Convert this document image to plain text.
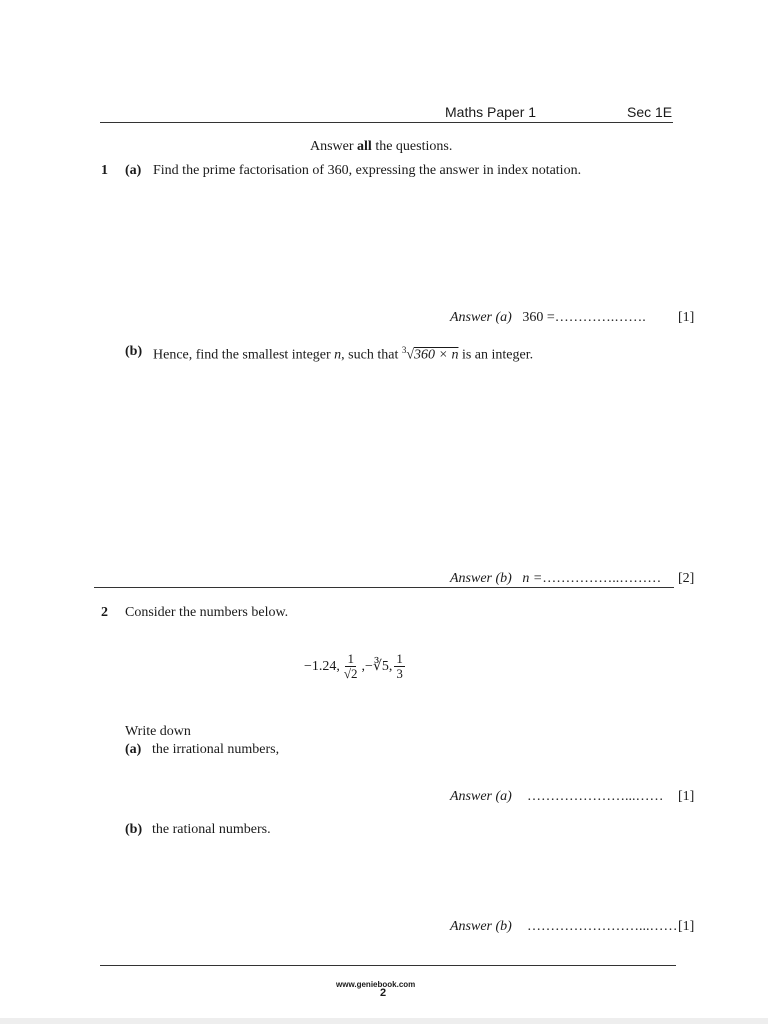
Maths Paper 1	Sec 1E
Answer all the questions.
1 (a) Find the prime factorisation of 360, expressing the answer in index notation.
Answer (a) 360 =………….……. [1]
(b) Hence, find the smallest integer n, such that $^3$√360 × n is an integer.
Answer (b) n =……………..……… [2]
2 Consider the numbers below.
−1.24, $\frac{1}{√2}$ , −∛5 , $\frac{1}{3}$
Write down
(a) the irrational numbers,
Answer (a) …………………...…… [1]
(b) the rational numbers.
Answer (b) ……………………...…… [1]
www.geniebook.com
2
